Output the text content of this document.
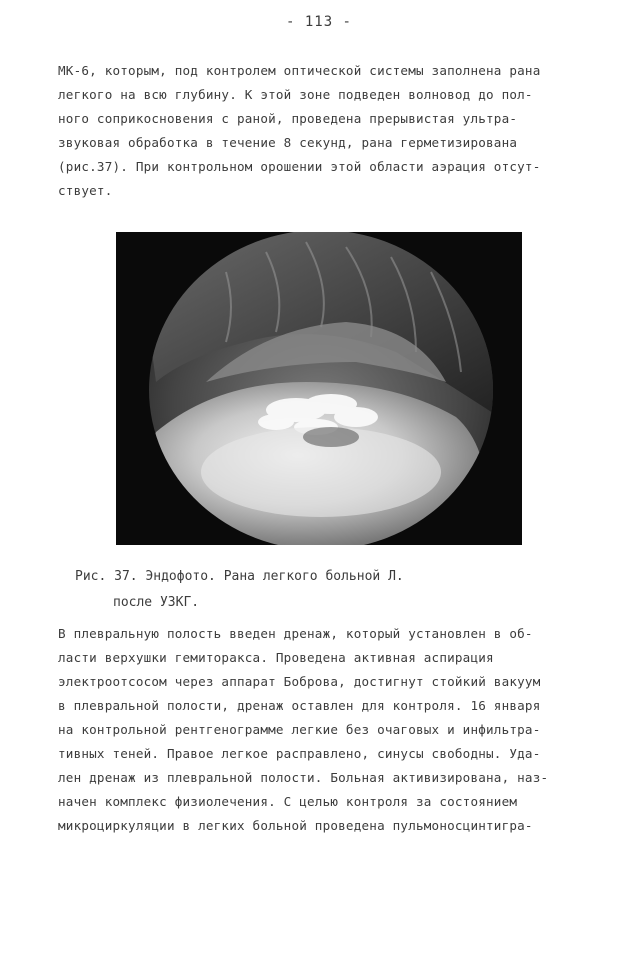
- 113 -
МК-6, которым, под контролем оптической системы заполнена рана
легкого на всю глубину. К этой зоне подведен волновод до пол-
ного соприкосновения с раной, проведена прерывистая ультра-
звуковая обработка в течение 8 секунд, рана герметизирована
(рис.37). При контрольном орошении этой области аэрация отсут-
ствует.
Рис. 37. Эндофото. Рана легкого больной Л.
после УЗКГ.
В плевральную полость введен дренаж, который установлен в об-
ласти верхушки гемиторакса. Проведена активная аспирация
электроотсосом через аппарат Боброва, достигнут стойкий вакуум
в плевральной полости, дренаж оставлен для контроля. 16 января
на контрольной рентгенограмме легкие без очаговых и инфильтра-
тивных теней. Правое легкое расправлено, синусы свободны. Уда-
лен дренаж из плевральной полости. Больная активизирована, наз-
начен комплекс физиолечения. С целью контроля за состоянием
микроциркуляции в легких больной проведена пульмоносцинтигра-
